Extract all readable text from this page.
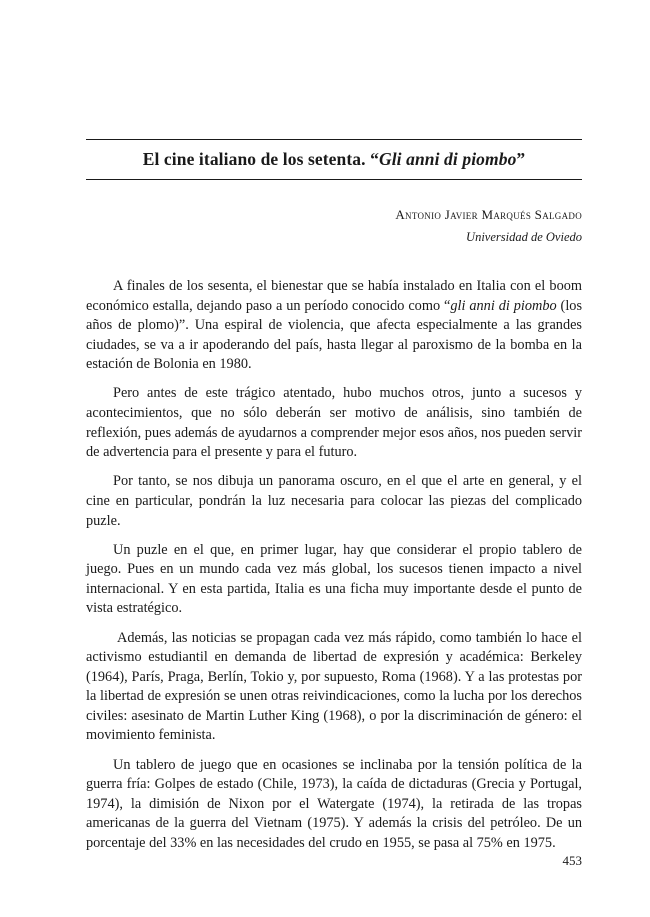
El cine italiano de los setenta. “Gli anni di piombo”
Antonio Javier Marqués Salgado
Universidad de Oviedo

A finales de los sesenta, el bienestar que se había instalado en Italia con el boom económico estalla, dejando paso a un período conocido como “gli anni di piombo (los años de plomo)”. Una espiral de violencia, que afecta especialmente a las grandes ciudades, se va a ir apoderando del país, hasta llegar al paroxismo de la bomba en la estación de Bolonia en 1980.

Pero antes de este trágico atentado, hubo muchos otros, junto a sucesos y acontecimientos, que no sólo deberán ser motivo de análisis, sino también de reflexión, pues además de ayudarnos a comprender mejor esos años, nos pueden servir de advertencia para el presente y para el futuro.

Por tanto, se nos dibuja un panorama oscuro, en el que el arte en general, y el cine en particular, pondrán la luz necesaria para colocar las piezas del complicado puzle.

Un puzle en el que, en primer lugar, hay que considerar el propio tablero de juego. Pues en un mundo cada vez más global, los sucesos tienen impacto a nivel internacional. Y en esta partida, Italia es una ficha muy importante desde el punto de vista estratégico.

Además, las noticias se propagan cada vez más rápido, como también lo hace el activismo estudiantil en demanda de libertad de expresión y académica: Berkeley (1964), París, Praga, Berlín, Tokio y, por supuesto, Roma (1968). Y a las protestas por la libertad de expresión se unen otras reivindicaciones, como la lucha por los derechos civiles: asesinato de Martin Luther King (1968), o por la discriminación de género: el movimiento feminista.

Un tablero de juego que en ocasiones se inclinaba por la tensión política de la guerra fría: Golpes de estado (Chile, 1973), la caída de dictaduras (Grecia y Portugal, 1974), la dimisión de Nixon por el Watergate (1974), la retirada de las tropas americanas de la guerra del Vietnam (1975). Y además la crisis del petróleo. De un porcentaje del 33% en las necesidades del crudo en 1955, se pasa al 75% en 1975.

453
